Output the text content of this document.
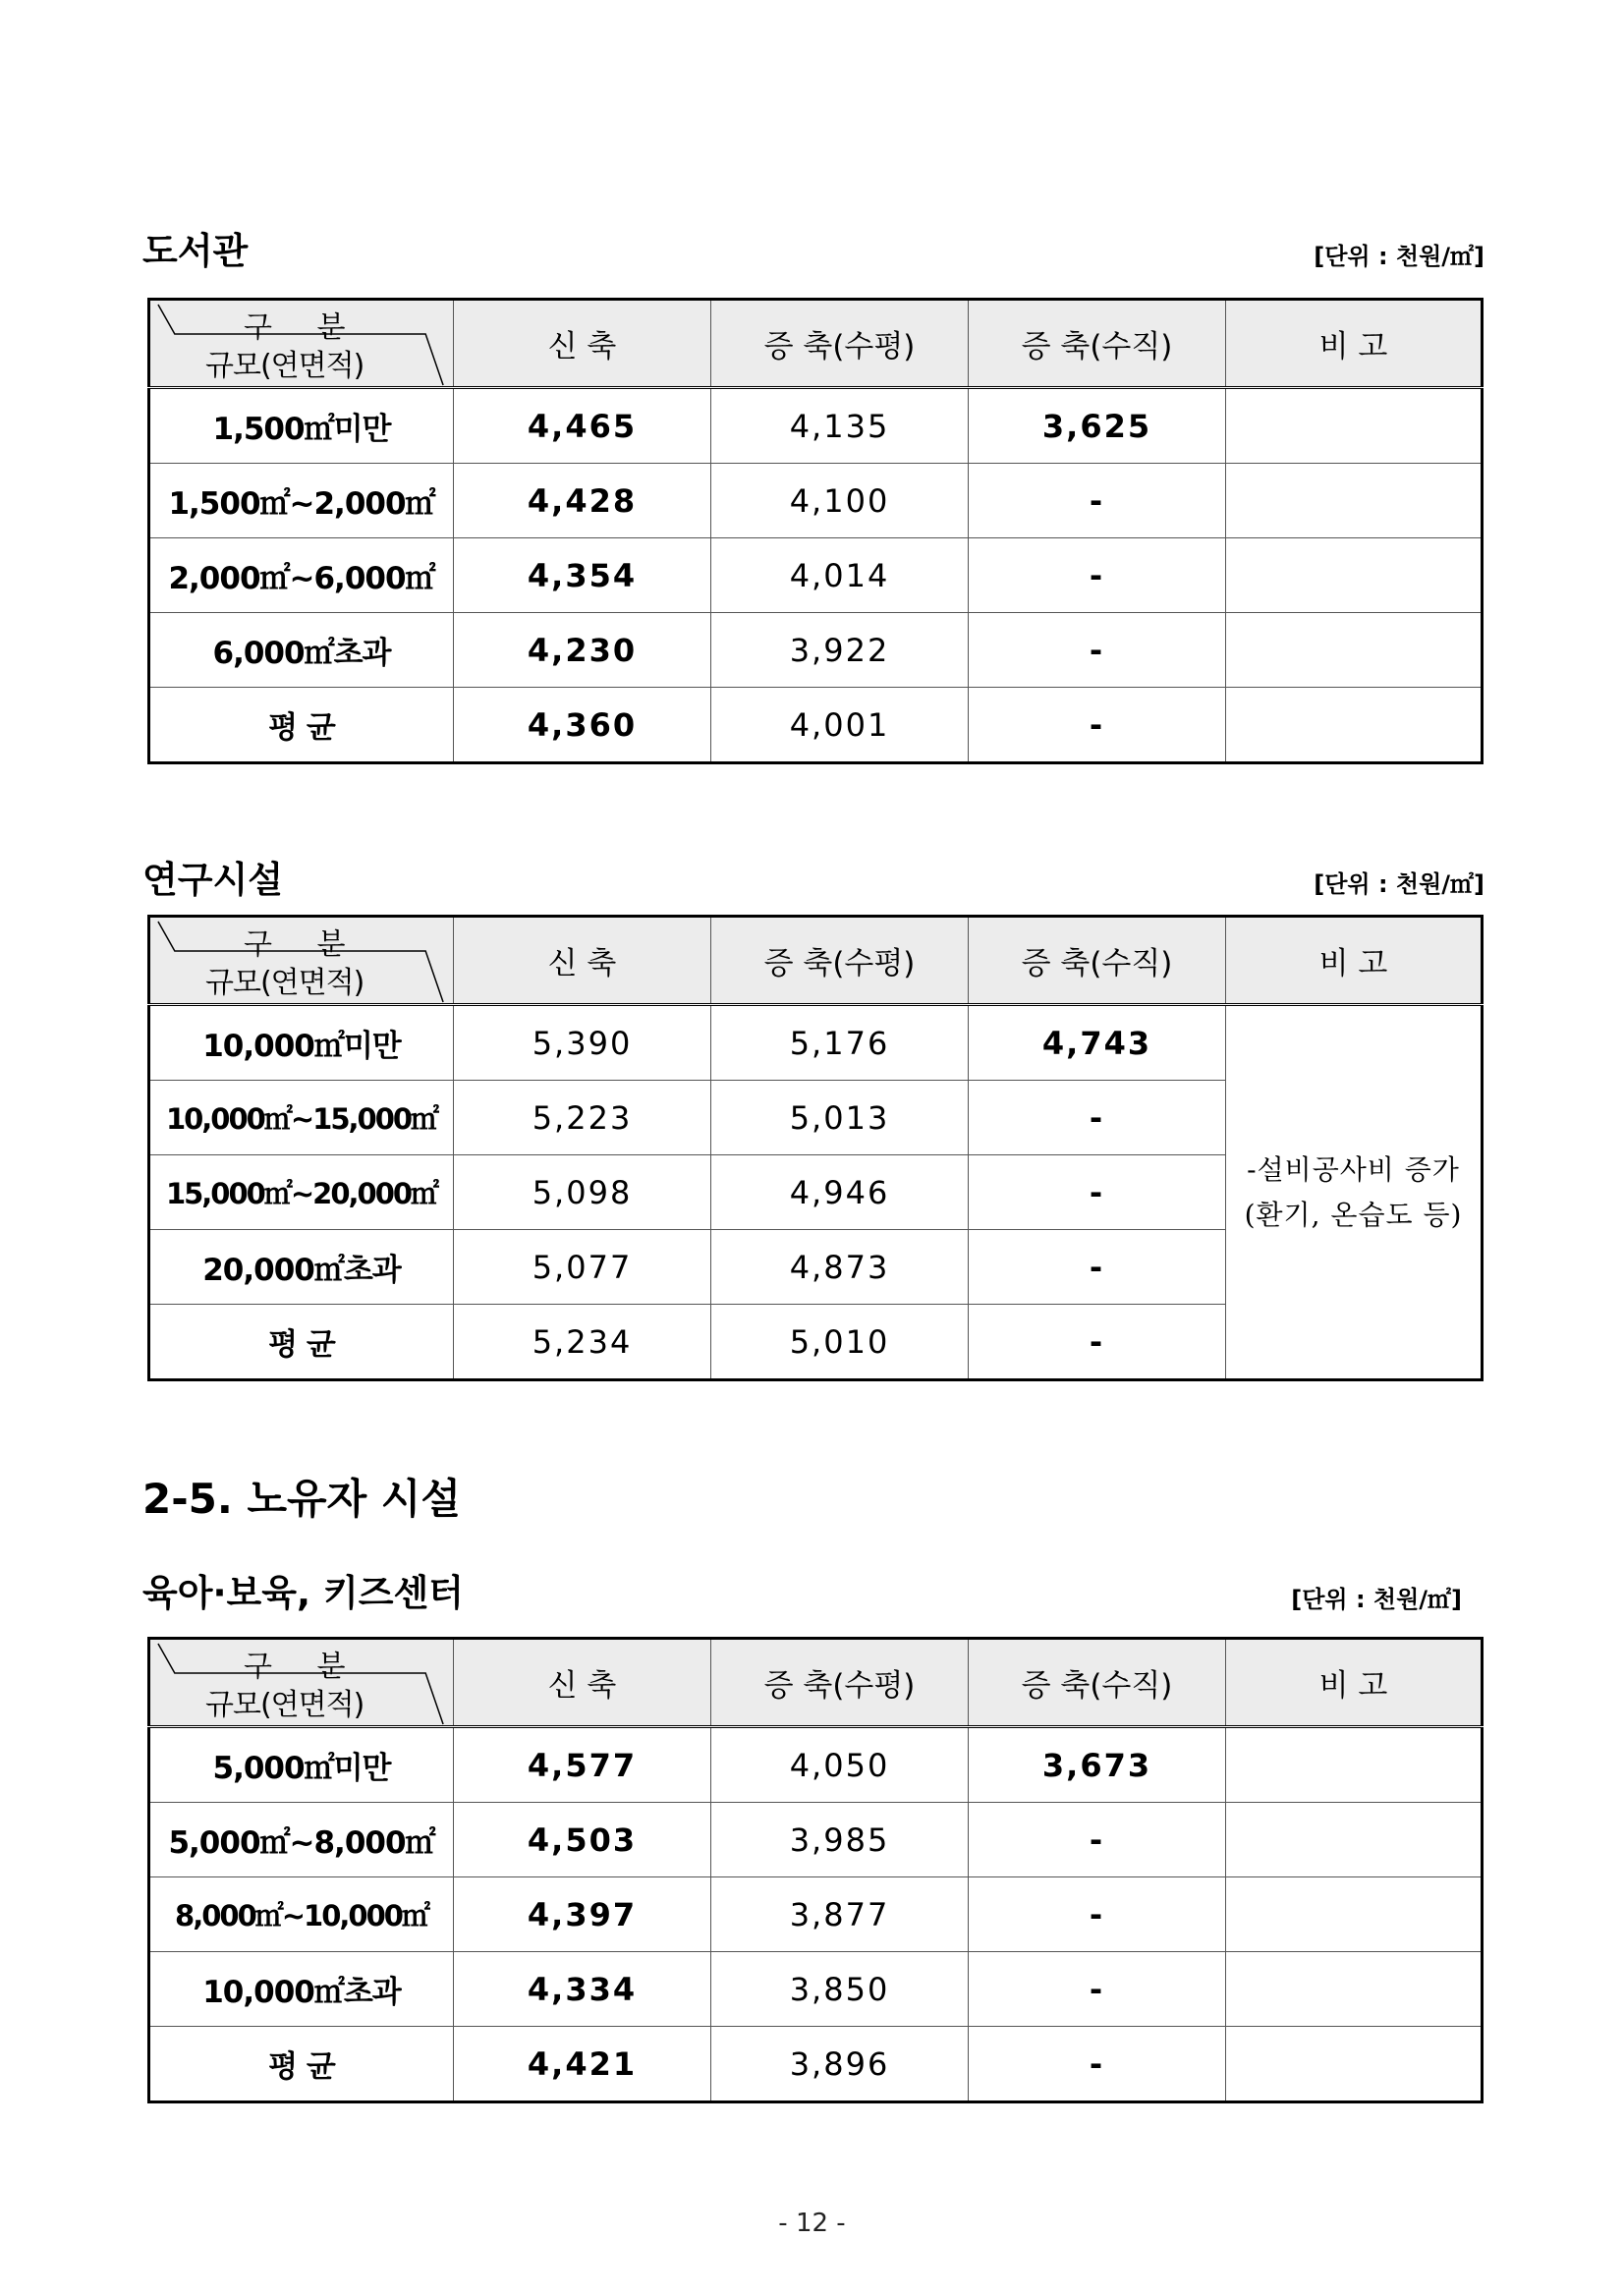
도서관	[단위 : 천원/㎡]
구 분
규모(연면적)	신 축	증 축(수평)	증 축(수직)	비 고
1,500㎡미만	4,465	4,135	3,625	
1,500㎡~2,000㎡	4,428	4,100	-	
2,000㎡~6,000㎡	4,354	4,014	-	
6,000㎡초과	4,230	3,922	-	
평 균	4,360	4,001	-	
연구시설	[단위 : 천원/㎡]
구 분
규모(연면적)	신 축	증 축(수평)	증 축(수직)	비 고
10,000㎡미만	5,390	5,176	4,743	-설비공사비 증가
(환기, 온습도 등)

10,000㎡~15,000㎡	5,223	5,013	-	
15,000㎡~20,000㎡	5,098	4,946	-	
20,000㎡초과	5,077	4,873	-	
평 균	5,234	5,010	-	
2-5. 노유자 시설
육아·보육, 키즈센터	[단위 : 천원/㎡]
구 분
규모(연면적)	신 축	증 축(수평)	증 축(수직)	비 고
5,000㎡미만	4,577	4,050	3,673	
5,000㎡~8,000㎡	4,503	3,985	-	
8,000㎡~10,000㎡	4,397	3,877	-	
10,000㎡초과	4,334	3,850	-	
평 균	4,421	3,896	-	
- 12 -
